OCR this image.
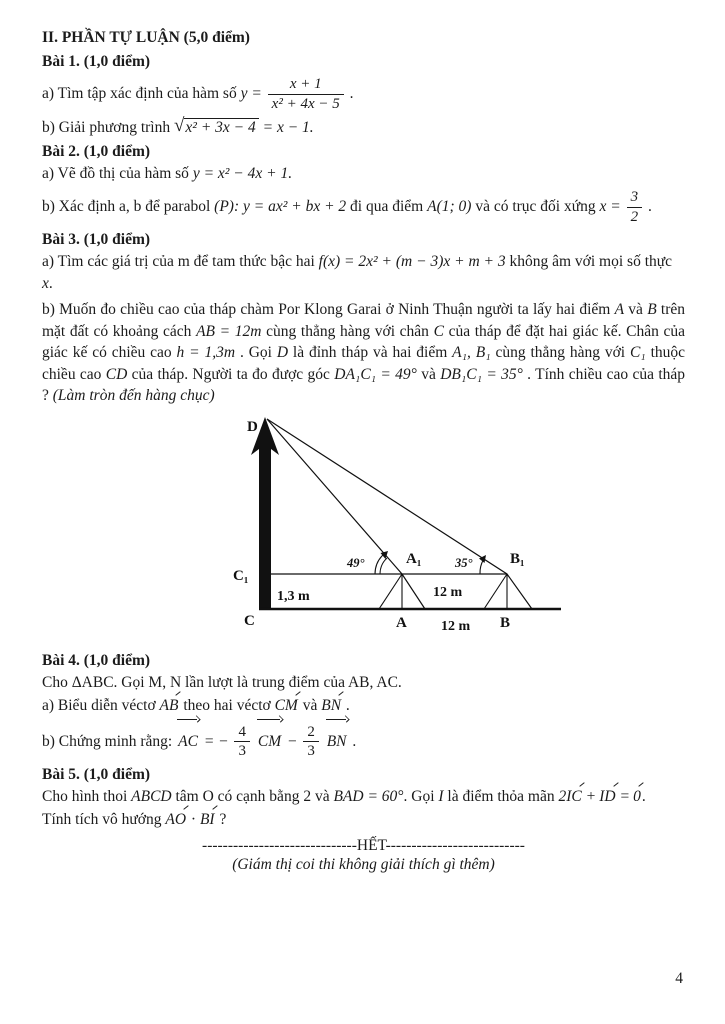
II. PHẦN TỰ LUẬN (5,0 điểm)

Bài 1. (1,0 điểm)

a) Tìm tập xác định của hàm số $y = \frac{x + 1}{\text{x² + 4x − 5}}$ .
b) Giải phương trình √x² + 3x − 4 = x − 1.

Bài 2. (1,0 điểm)

a) Vẽ đồ thị của hàm số y = x² − 4x + 1.
b) Xác định a, b để parabol (P): y = ax² + bx + 2 đi qua điểm A(1; 0) và có trục đối xứng $x = \frac{3}{2}$ .

Bài 3. (1,0 điểm)

a) Tìm các giá trị của m để tam thức bậc hai f(x) = 2x² + (m − 3)x + m + 3 không âm với mọi số thực x.

b) Muốn đo chiều cao của tháp chàm Por Klong Garai ở Ninh Thuận người ta lấy hai điểm A và B trên mặt đất có khoảng cách AB = 12m cùng thẳng hàng với chân C của tháp để đặt hai giác kế. Chân của giác kế có chiều cao h = 1,3m . Gọi D là đỉnh tháp và hai điểm A₁, B₁ cùng thẳng hàng với C₁ thuộc chiều cao CD của tháp. Người ta đo được góc DA₁C₁ = 49° và DB₁C₁ = 35° . Tính chiều cao của tháp ? (Làm tròn đến hàng chục)

D
C₁
C
A₁	B₁
A	B
49°	35°
1,3 m	12 m
12 m

Bài 4. (1,0 điểm)

Cho ΔABC. Gọi M, N lần lượt là trung điểm của AB, AC.

a) Biểu diễn véctơ AB theo hai véctơ CM và BN .
b) Chứng minh rằng: AC = − $\frac{4}{3}$ CM − $\frac{2}{3}$ BN .

Bài 5. (1,0 điểm)

Cho hình thoi ABCD tâm O có cạnh bằng 2 và BAD = 60°. Gọi I là điểm thỏa mãn 2IC + ID = 0.
Tính tích vô hướng AO · BI ?

------------------------------HẾT---------------------------

(Giám thị coi thi không giải thích gì thêm)

4
